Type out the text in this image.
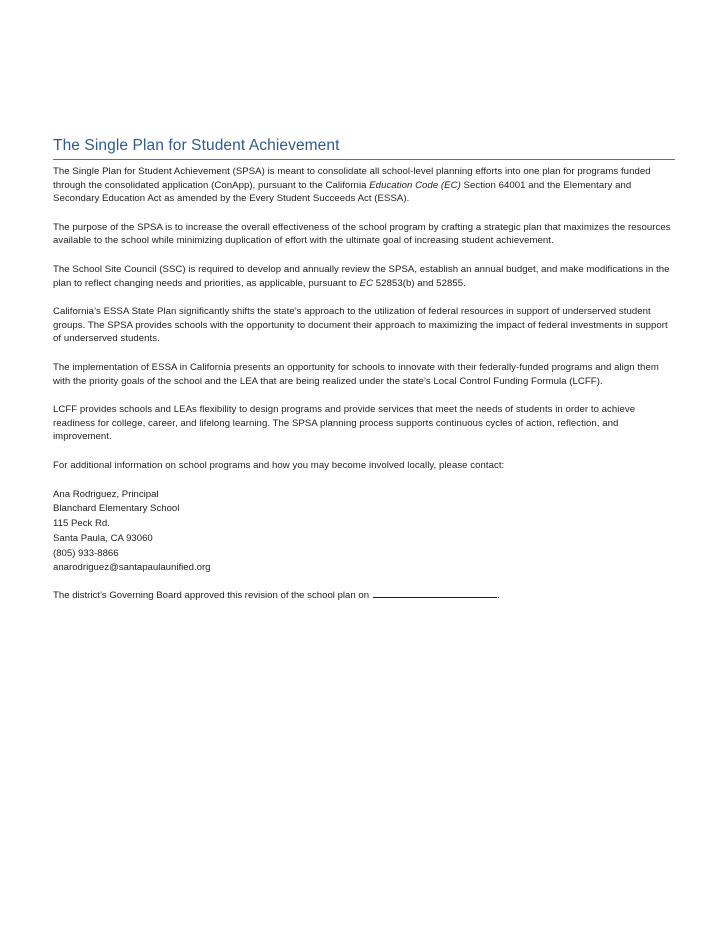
The Single Plan for Student Achievement

The Single Plan for Student Achievement (SPSA) is meant to consolidate all school-level planning efforts into one plan for programs funded through the consolidated application (ConApp), pursuant to the California Education Code (EC) Section 64001 and the Elementary and Secondary Education Act as amended by the Every Student Succeeds Act (ESSA).

The purpose of the SPSA is to increase the overall effectiveness of the school program by crafting a strategic plan that maximizes the resources available to the school while minimizing duplication of effort with the ultimate goal of increasing student achievement.

The School Site Council (SSC) is required to develop and annually review the SPSA, establish an annual budget, and make modifications in the plan to reflect changing needs and priorities, as applicable, pursuant to EC 52853(b) and 52855.

California’s ESSA State Plan significantly shifts the state’s approach to the utilization of federal resources in support of underserved student groups. The SPSA provides schools with the opportunity to document their approach to maximizing the impact of federal investments in support of underserved students.

The implementation of ESSA in California presents an opportunity for schools to innovate with their federally-funded programs and align them with the priority goals of the school and the LEA that are being realized under the state’s Local Control Funding Formula (LCFF).

LCFF provides schools and LEAs flexibility to design programs and provide services that meet the needs of students in order to achieve readiness for college, career, and lifelong learning. The SPSA planning process supports continuous cycles of action, reflection, and improvement.

For additional information on school programs and how you may become involved locally, please contact:

Ana Rodriguez, Principal
Blanchard Elementary School
115 Peck Rd.
Santa Paula, CA 93060
(805) 933-8866
anarodriguez@santapaulaunified.org

The district’s Governing Board approved this revision of the school plan on	.
